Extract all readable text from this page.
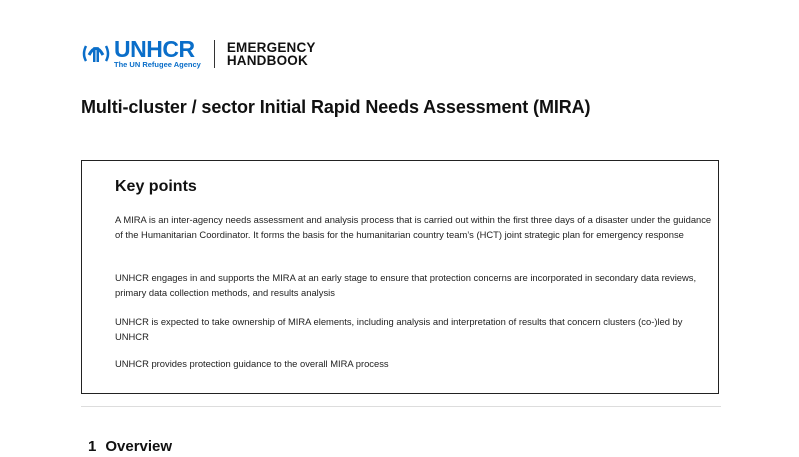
UNHCR
The UN Refugee Agency
EMERGENCY
HANDBOOK
Multi-cluster / sector Initial Rapid Needs Assessment (MIRA)
Key points

A MIRA is an inter-agency needs assessment and analysis process that is carried out within the first three days of a disaster under the guidance of the Humanitarian Coordinator. It forms the basis for the humanitarian country team’s (HCT) joint strategic plan for emergency response

UNHCR engages in and supports the MIRA at an early stage to ensure that protection concerns are incorporated in secondary data reviews, primary data collection methods, and results analysis

UNHCR is expected to take ownership of MIRA elements, including analysis and interpretation of results that concern clusters (co-)led by UNHCR

UNHCR provides protection guidance to the overall MIRA process

1 Overview
